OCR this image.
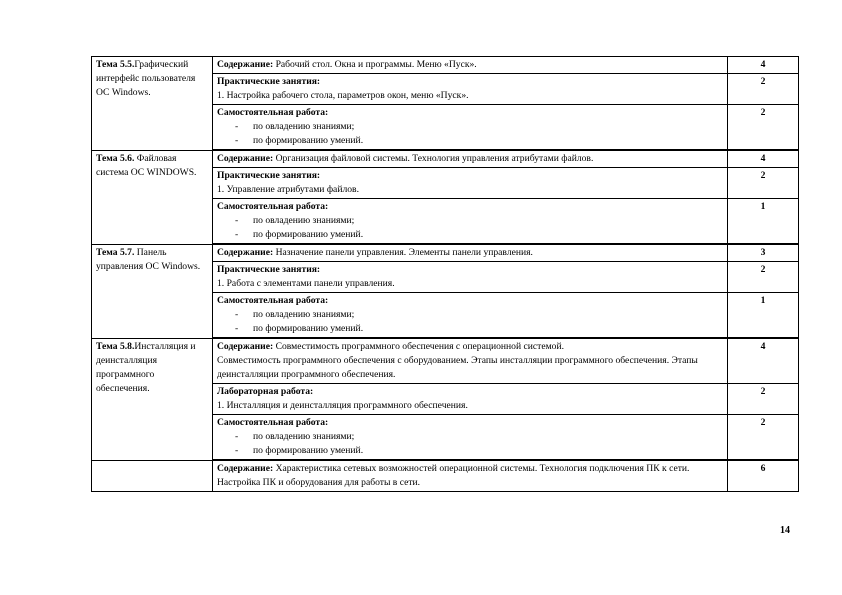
Тема 5.5.Графический интерфейс пользователя ОС Windows.	Содержание: Рабочий стол. Окна и программы. Меню «Пуск».	4
	Практические занятия:
1. Настройка рабочего стола, параметров окон, меню «Пуск».	2
	Самостоятельная работа:
- по овладению знаниями;
- по формированию умений.	2
Тема 5.6. Файловая система ОС WINDOWS.	Содержание: Организация файловой системы. Технология управления атрибутами файлов.	4
	Практические занятия:
1. Управление атрибутами файлов.	2
	Самостоятельная работа:
- по овладению знаниями;
- по формированию умений.	1
Тема 5.7. Панель управления ОС Windows.	Содержание: Назначение панели управления. Элементы панели управления.	3
	Практические занятия:
1. Работа с элементами панели управления.	2
	Самостоятельная работа:
- по овладению знаниями;
- по формированию умений.	1
Тема 5.8.Инсталляция и деинсталляция программного обеспечения.	Содержание: Совместимость программного обеспечения с операционной системой.
Совместимость программного обеспечения с оборудованием. Этапы инсталляции программного обеспечения. Этапы деинсталляции программного обеспечения.	4
	Лабораторная работа:
1. Инсталляция и деинсталляция программного обеспечения.	2
	Самостоятельная работа:
- по овладению знаниями;
- по формированию умений.	2
	Содержание: Характеристика сетевых возможностей операционной системы. Технология подключения ПК к сети. Настройка ПК и оборудования для работы в сети.	6
14
